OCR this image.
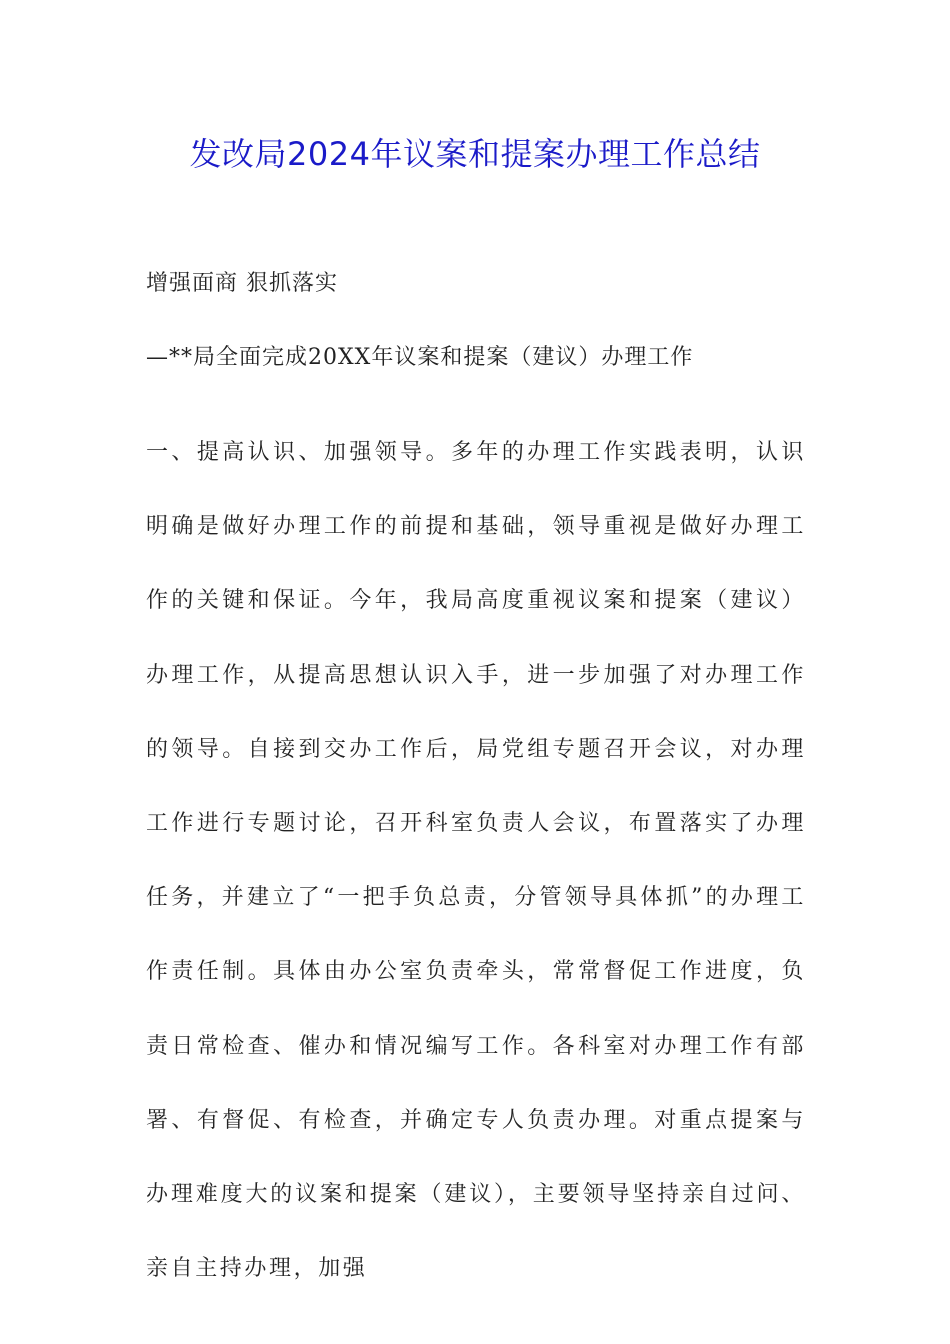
发改局2024年议案和提案办理工作总结

增强面商 狠抓落实

—**局全面完成20XX年议案和提案（建议）办理工作

一、提高认识、加强领导。多年的办理工作实践表明，认识明确是做好办理工作的前提和基础，领导重视是做好办理工作的关键和保证。今年，我局高度重视议案和提案（建议）办理工作，从提高思想认识入手，进一步加强了对办理工作的领导。自接到交办工作后，局党组专题召开会议，对办理工作进行专题讨论，召开科室负责人会议，布置落实了办理任务，并建立了“一把手负总责，分管领导具体抓”的办理工作责任制。具体由办公室负责牵头，常常督促工作进度，负责日常检查、催办和情况编写工作。各科室对办理工作有部署、有督促、有检查，并确定专人负责办理。对重点提案与办理难度大的议案和提案（建议），主要领导坚持亲自过问、亲自主持办理，加强
